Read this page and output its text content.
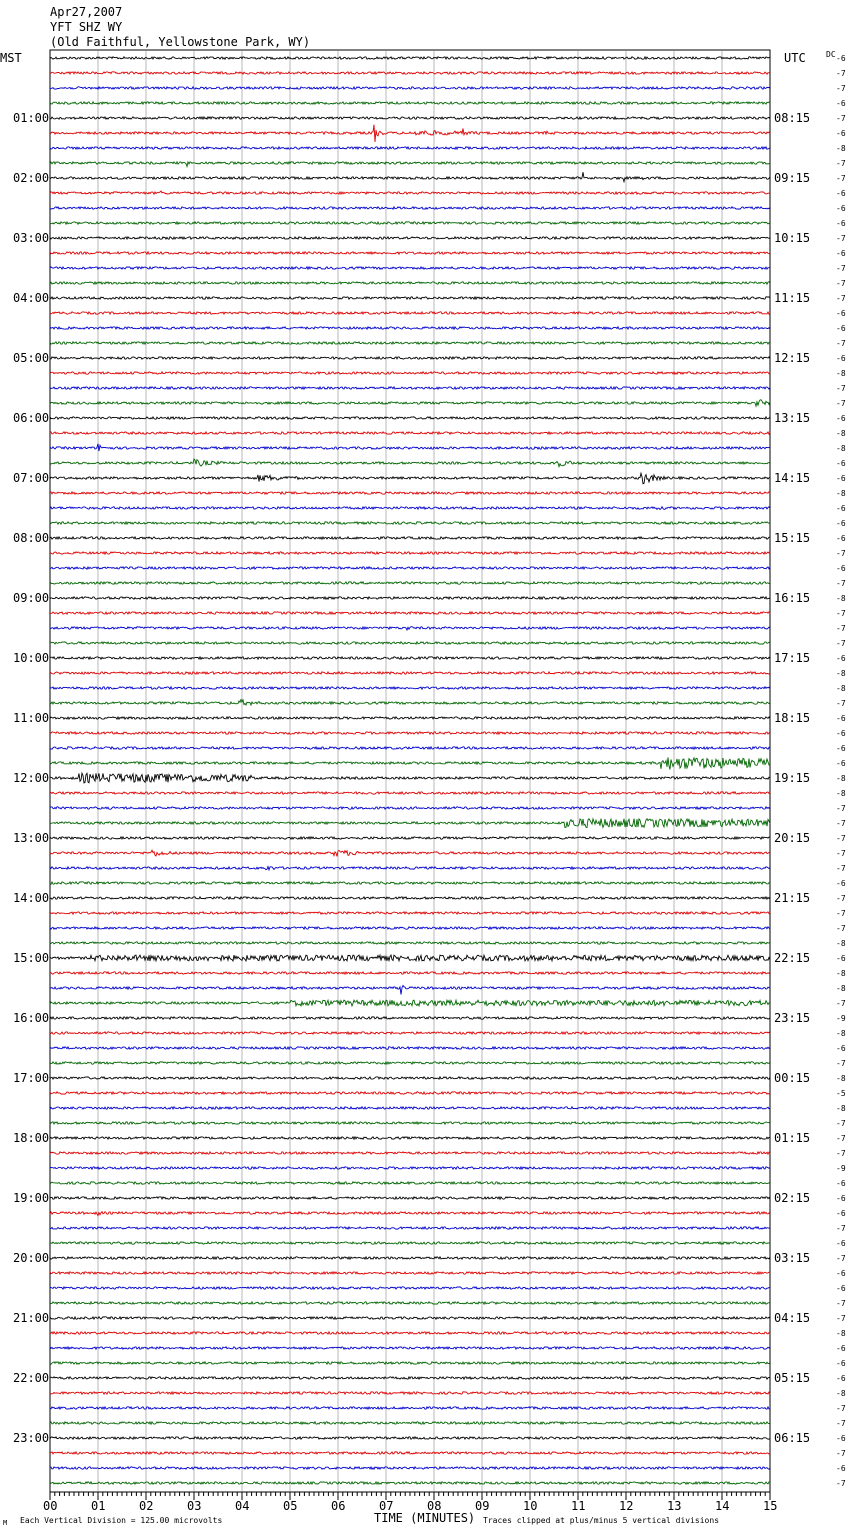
Apr27,2007
YFT SHZ WY
(Old Faithful, Yellowstone Park, WY)
MST	UTC	DC
01:00
02:00
03:00
04:00
05:00
06:00
07:00
08:00
09:00
10:00
11:00
12:00
13:00
14:00
15:00
16:00
17:00
18:00
19:00
20:00
21:00
22:00
23:00
08:15
09:15
10:15
11:15
12:15
13:15
14:15
15:15
16:15
17:15
18:15
19:15
20:15
21:15
22:15
23:15
00:15
01:15
02:15
03:15
04:15
05:15
06:15
-6
-7
-7
-6
-7
-6
-8
-7
-7
-6
-6
-6
-7
-6
-7
-7
-7
-6
-6
-7
-6
-8
-7
-7
-6
-8
-8
-6
-6
-8
-6
-6
-6
-7
-6
-7
-8
-7
-7
-7
-6
-8
-8
-7
-6
-6
-6
-6
-8
-8
-7
-7
-7
-7
-7
-6
-7
-7
-7
-8
-6
-8
-8
-7
-9
-8
-6
-7
-8
-5
-8
-7
-7
-7
-9
-6
-6
-6
-7
-6
-7
-6
-6
-7
-7
-8
-6
-6
-6
-8
-7
-7
-6
-7
-6
-7
00	01	02	03	04	05	06	07	08	09	10	11	12	13	14	15
M Each Vertical Division = 125.00 microvolts	TIME (MINUTES) Traces clipped at plus/minus 5 vertical divisions
